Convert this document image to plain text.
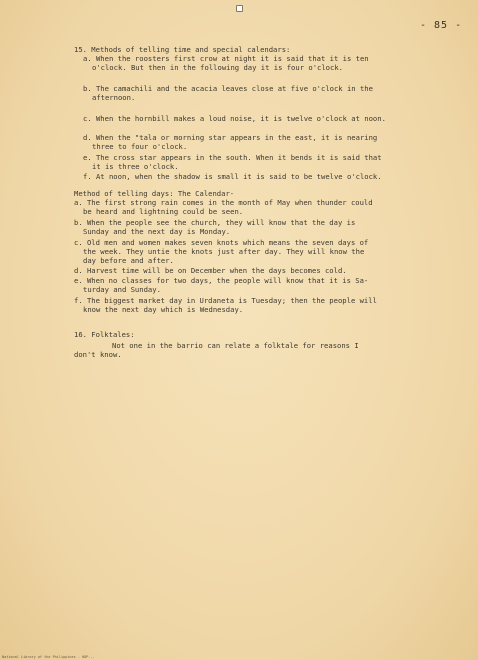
- 85 -
15. Methods of telling time and special calendars:
a. When the roosters first crow at night it is said that it is ten
o'clock. But then in the following day it is four o'clock.
b. The camachili and the acacia leaves close at five o'clock in the
afternoon.
c. When the hornbill makes a loud noise, it is twelve o'clock at noon.
d. When the "tala or morning star appears in the east, it is nearing
three to four o'clock.
e. The cross star appears in the south. When it bends it is said that
it is three o'clock.
f. At noon, when the shadow is small it is said to be twelve o'clock.
Method of telling days: The Calendar-
a. The first strong rain comes in the month of May when thunder could
be heard and lightning could be seen.
b. When the people see the church, they will know that the day is
Sunday and the next day is Monday.
c. Old men and women makes seven knots which means the seven days of
the week. They untie the knots just after day. They will know the
day before and after.
d. Harvest time will be on December when the days becomes cold.
e. When no classes for two days, the people will know that it is Sa-
turday and Sunday.
f. The biggest market day in Urdaneta is Tuesday; then the people will
know the next day which is Wednesday.
16. Folktales:
Not one in the barrio can relate a folktale for reasons I
don't know.
National Library of the Philippines - HDP...
